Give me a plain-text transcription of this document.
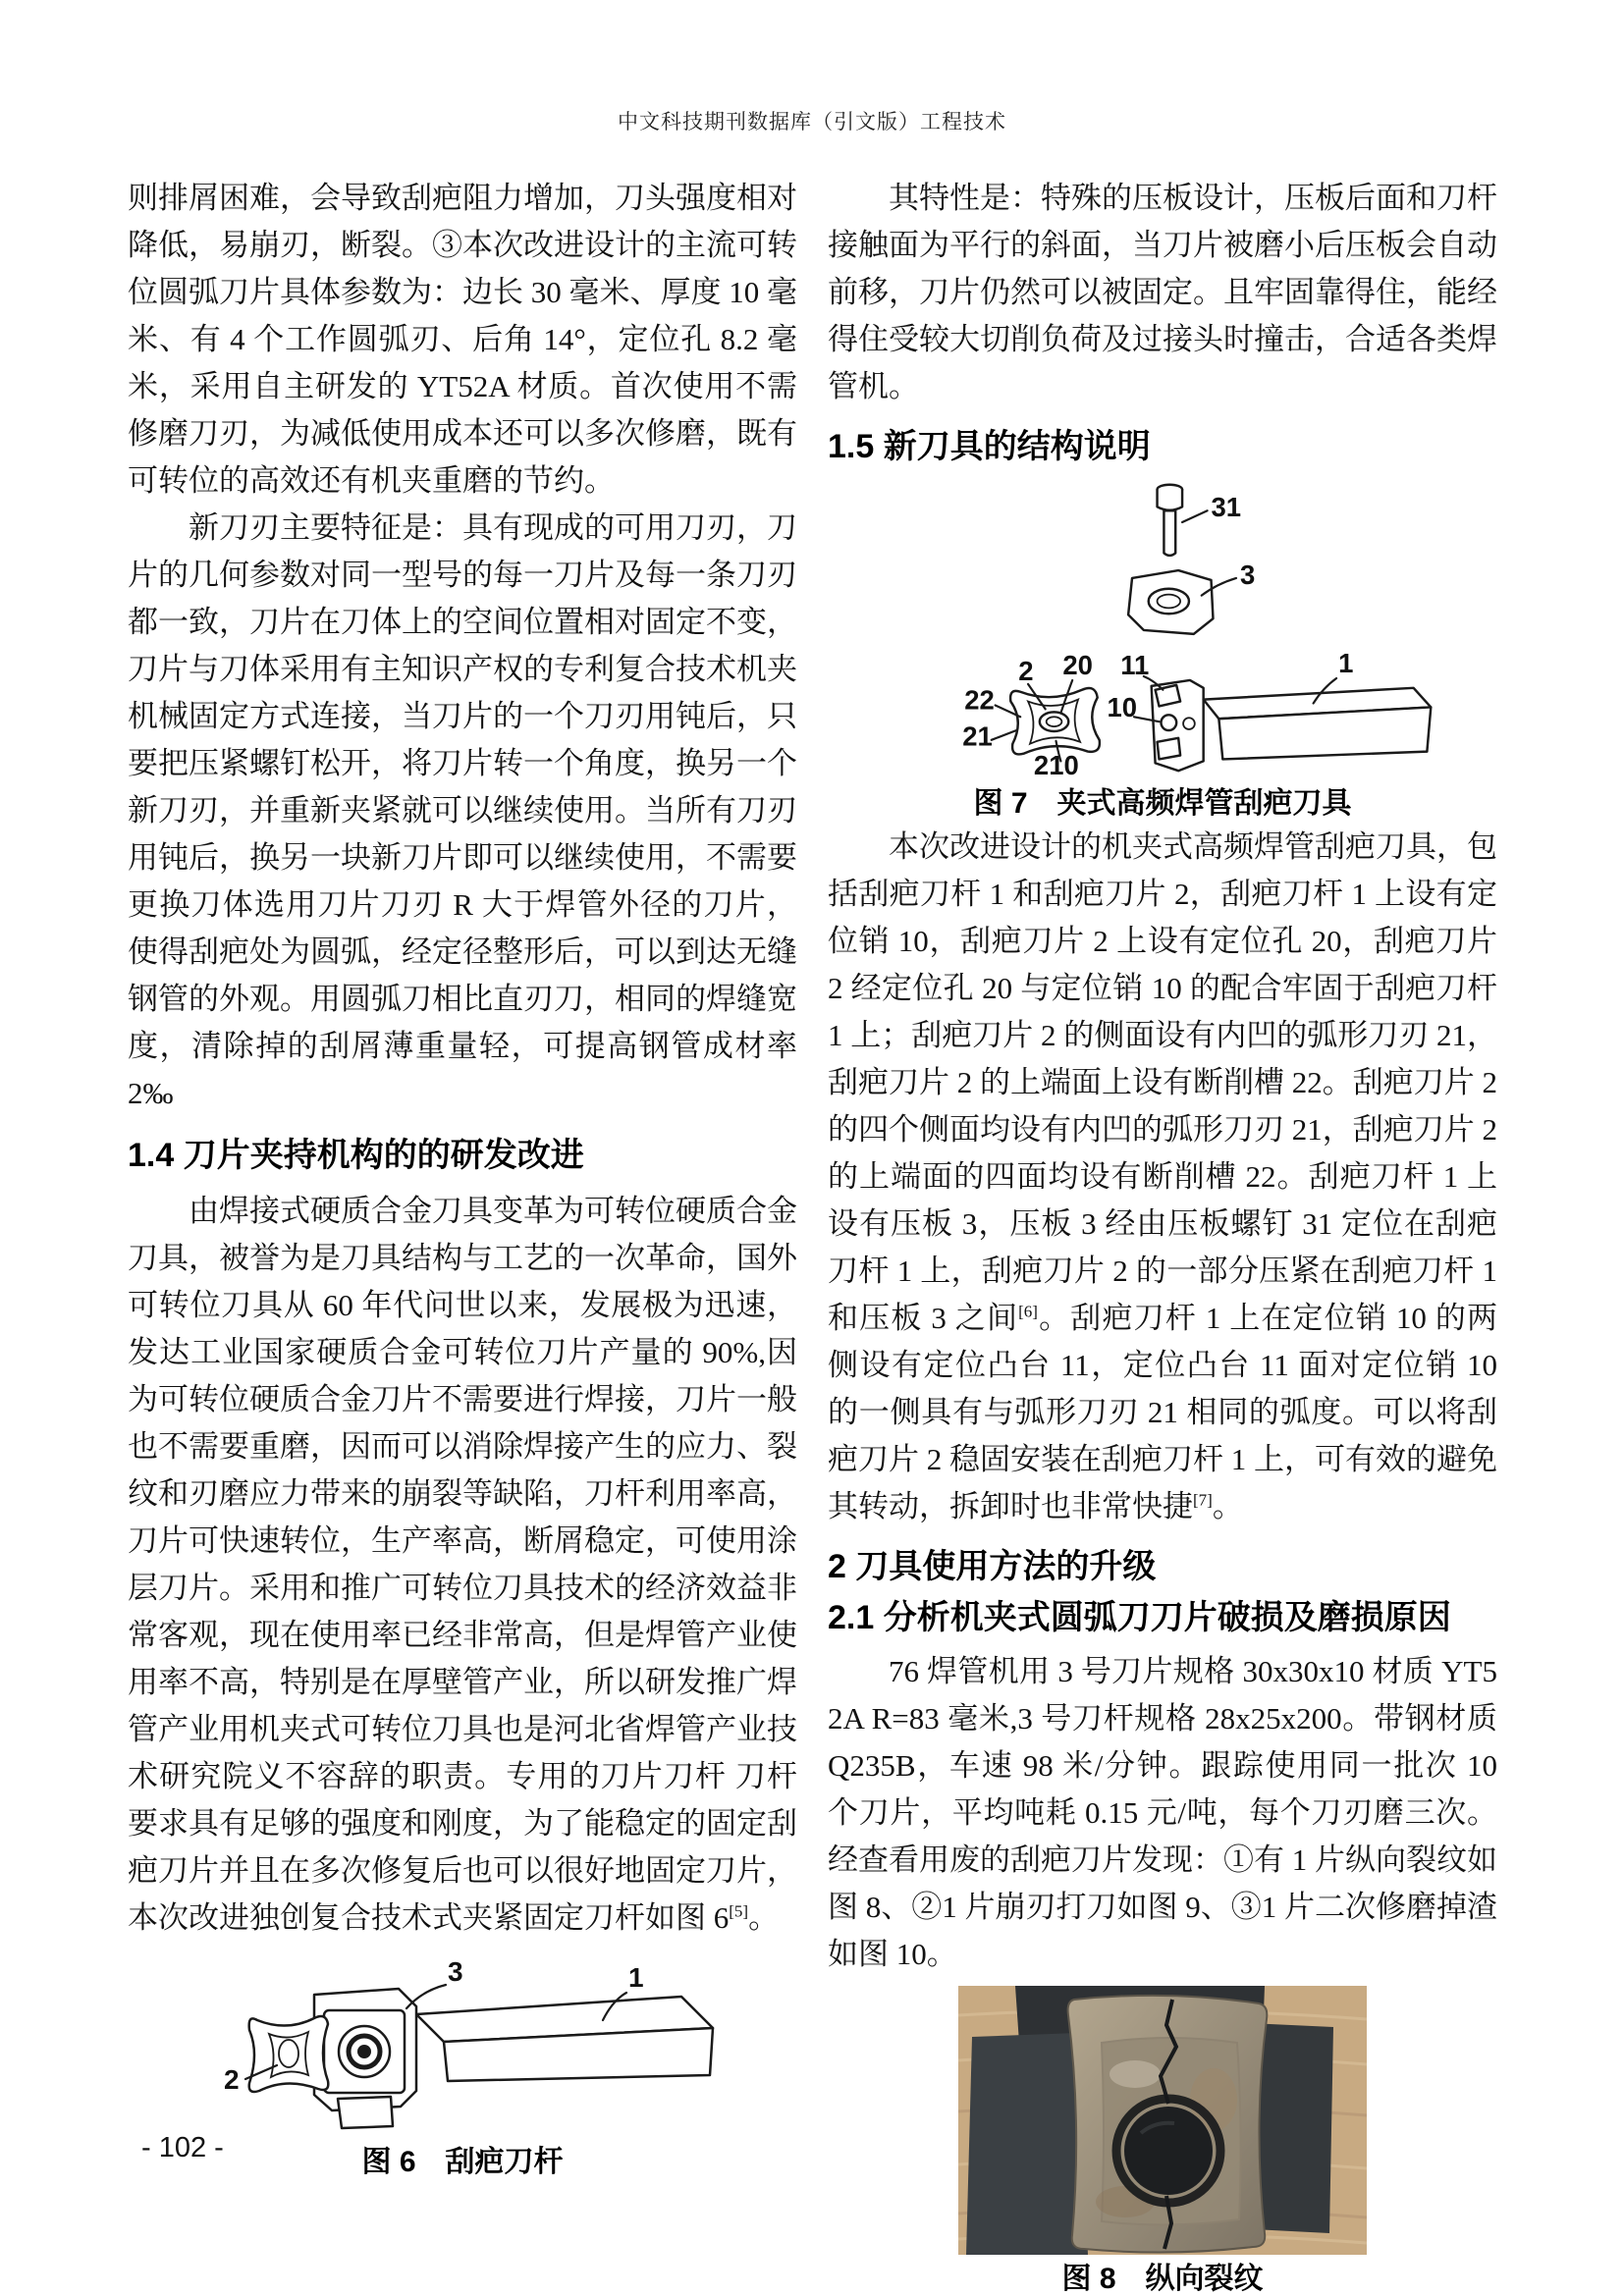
中文科技期刊数据库（引文版）工程技术

则排屑困难，会导致刮疤阻力增加，刀头强度相对降低，易崩刃，断裂。③本次改进设计的主流可转位圆弧刀片具体参数为：边长 30 毫米、厚度 10 毫米、有 4 个工作圆弧刃、后角 14°，定位孔 8.2 毫米，采用自主研发的 YT52A 材质。首次使用不需修磨刀刃，为减低使用成本还可以多次修磨，既有可转位的高效还有机夹重磨的节约。

新刀刃主要特征是：具有现成的可用刀刃，刀片的几何参数对同一型号的每一刀片及每一条刀刃都一致，刀片在刀体上的空间位置相对固定不变，刀片与刀体采用有主知识产权的专利复合技术机夹机械固定方式连接，当刀片的一个刀刃用钝后，只要把压紧螺钉松开，将刀片转一个角度，换另一个新刀刃，并重新夹紧就可以继续使用。当所有刀刃用钝后，换另一块新刀片即可以继续使用，不需要更换刀体选用刀片刀刃 R 大于焊管外径的刀片，使得刮疤处为圆弧，经定径整形后，可以到达无缝钢管的外观。用圆弧刀相比直刃刀，相同的焊缝宽度，清除掉的刮屑薄重量轻，可提高钢管成材率 2‰

1.4 刀片夹持机构的的研发改进

由焊接式硬质合金刀具变革为可转位硬质合金刀具，被誉为是刀具结构与工艺的一次革命，国外可转位刀具从 60 年代问世以来，发展极为迅速，发达工业国家硬质合金可转位刀片产量的 90%,因为可转位硬质合金刀片不需要进行焊接，刀片一般也不需要重磨，因而可以消除焊接产生的应力、裂纹和刃磨应力带来的崩裂等缺陷，刀杆利用率高，刀片可快速转位，生产率高，断屑稳定，可使用涂层刀片。采用和推广可转位刀具技术的经济效益非常客观，现在使用率已经非常高，但是焊管产业使用率不高，特别是在厚壁管产业，所以研发推广焊管产业用机夹式可转位刀具也是河北省焊管产业技术研究院义不容辞的职责。专用的刀片刀杆 刀杆要求具有足够的强度和刚度，为了能稳定的固定刮疤刀片并且在多次修复后也可以很好地固定刀片，本次改进独创复合技术式夹紧固定刀杆如图 6[5]。

3	1
2
图 6　刮疤刀杆

其特性是：特殊的压板设计，压板后面和刀杆接触面为平行的斜面，当刀片被磨小后压板会自动前移，刀片仍然可以被固定。且牢固靠得住，能经得住受较大切削负荷及过接头时撞击，合适各类焊管机。

1.5 新刀具的结构说明
31
3
2 20
22
21
210
11
10
1
图 7　夹式高频焊管刮疤刀具

本次改进设计的机夹式高频焊管刮疤刀具，包括刮疤刀杆 1 和刮疤刀片 2，刮疤刀杆 1 上设有定位销 10，刮疤刀片 2 上设有定位孔 20，刮疤刀片 2 经定位孔 20 与定位销 10 的配合牢固于刮疤刀杆 1 上；刮疤刀片 2 的侧面设有内凹的弧形刀刃 21，刮疤刀片 2 的上端面上设有断削槽 22。刮疤刀片 2 的四个侧面均设有内凹的弧形刀刃 21，刮疤刀片 2 的上端面的四面均设有断削槽 22。刮疤刀杆 1 上设有压板 3，压板 3 经由压板螺钉 31 定位在刮疤刀杆 1 上，刮疤刀片 2 的一部分压紧在刮疤刀杆 1 和压板 3 之间[6]。刮疤刀杆 1 上在定位销 10 的两侧设有定位凸台 11，定位凸台 11 面对定位销 10 的一侧具有与弧形刀刃 21 相同的弧度。可以将刮疤刀片 2 稳固安装在刮疤刀杆 1 上，可有效的避免其转动，拆卸时也非常快捷[7]。

2 刀具使用方法的升级
2.1 分析机夹式圆弧刀刀片破损及磨损原因

76 焊管机用 3 号刀片规格 30x30x10 材质 YT52A R=83 毫米,3 号刀杆规格 28x25x200。带钢材质 Q235B，车速 98 米/分钟。跟踪使用同一批次 10 个刀片，平均吨耗 0.15 元/吨，每个刀刃磨三次。经查看用废的刮疤刀片发现：①有 1 片纵向裂纹如图 8、②1 片崩刃打刀如图 9、③1 片二次修磨掉渣如图 10。

图 8　纵向裂纹
- 102 -
